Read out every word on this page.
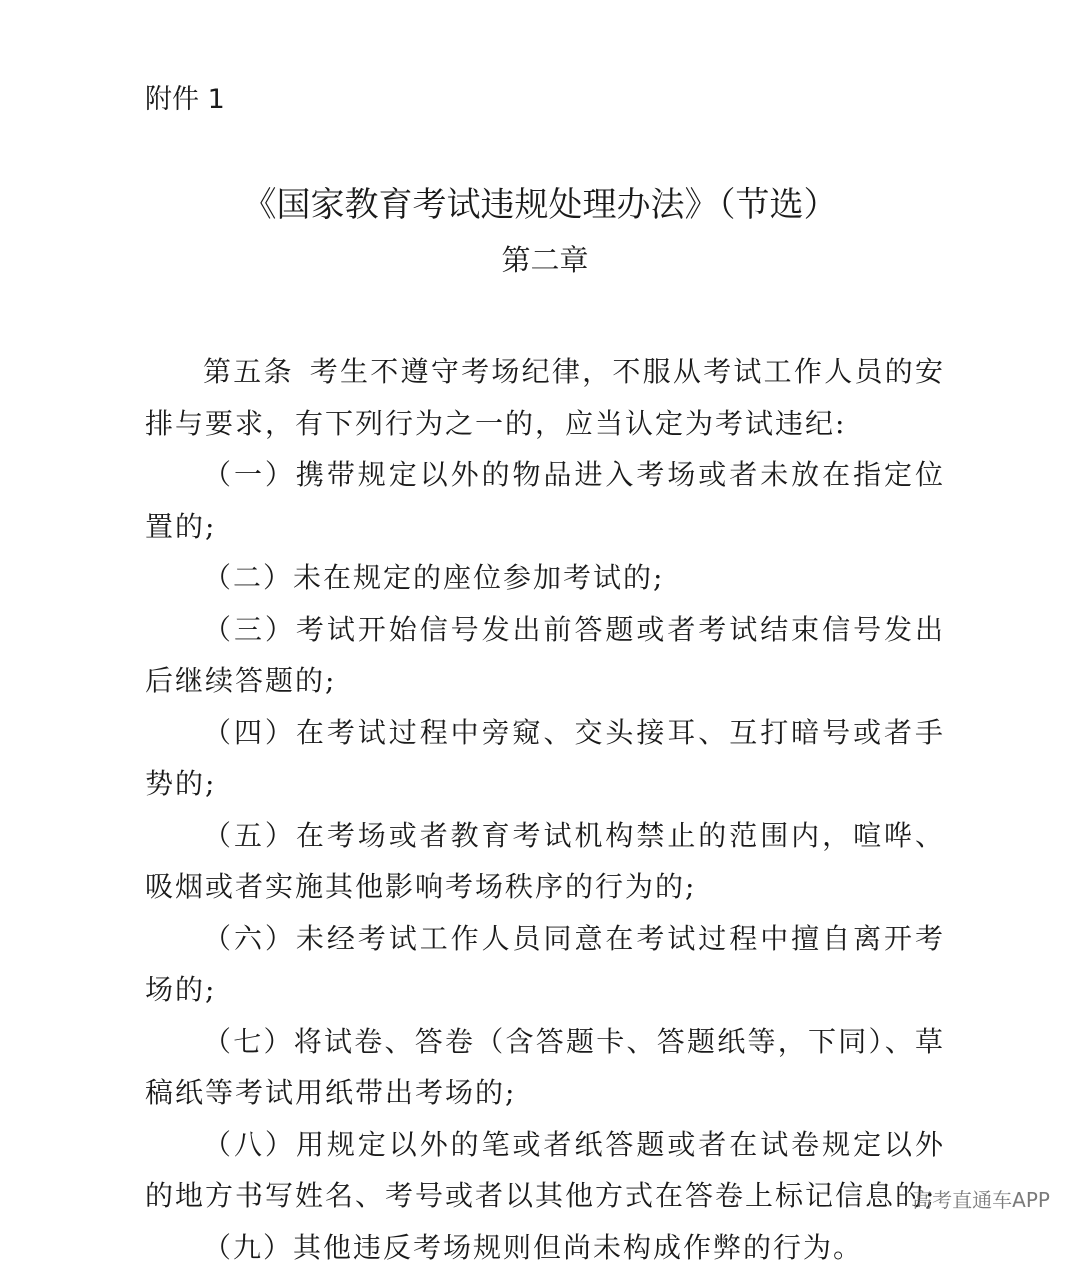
附件 1
《国家教育考试违规处理办法》（节选）
第二章

第五条 考生不遵守考场纪律，不服从考试工作人员的安排与要求，有下列行为之一的，应当认定为考试违纪:

（一）携带规定以外的物品进入考场或者未放在指定位置的;

（二）未在规定的座位参加考试的;

（三）考试开始信号发出前答题或者考试结束信号发出后继续答题的;

（四）在考试过程中旁窥、交头接耳、互打暗号或者手势的;

（五）在考场或者教育考试机构禁止的范围内，喧哗、吸烟或者实施其他影响考场秩序的行为的;

（六）未经考试工作人员同意在考试过程中擅自离开考场的;

（七）将试卷、答卷（含答题卡、答题纸等，下同）、草稿纸等考试用纸带出考场的;

（八）用规定以外的笔或者纸答题或者在试卷规定以外的地方书写姓名、考号或者以其他方式在答卷上标记信息的;

（九）其他违反考场规则但尚未构成作弊的行为。

高考直通车APP
